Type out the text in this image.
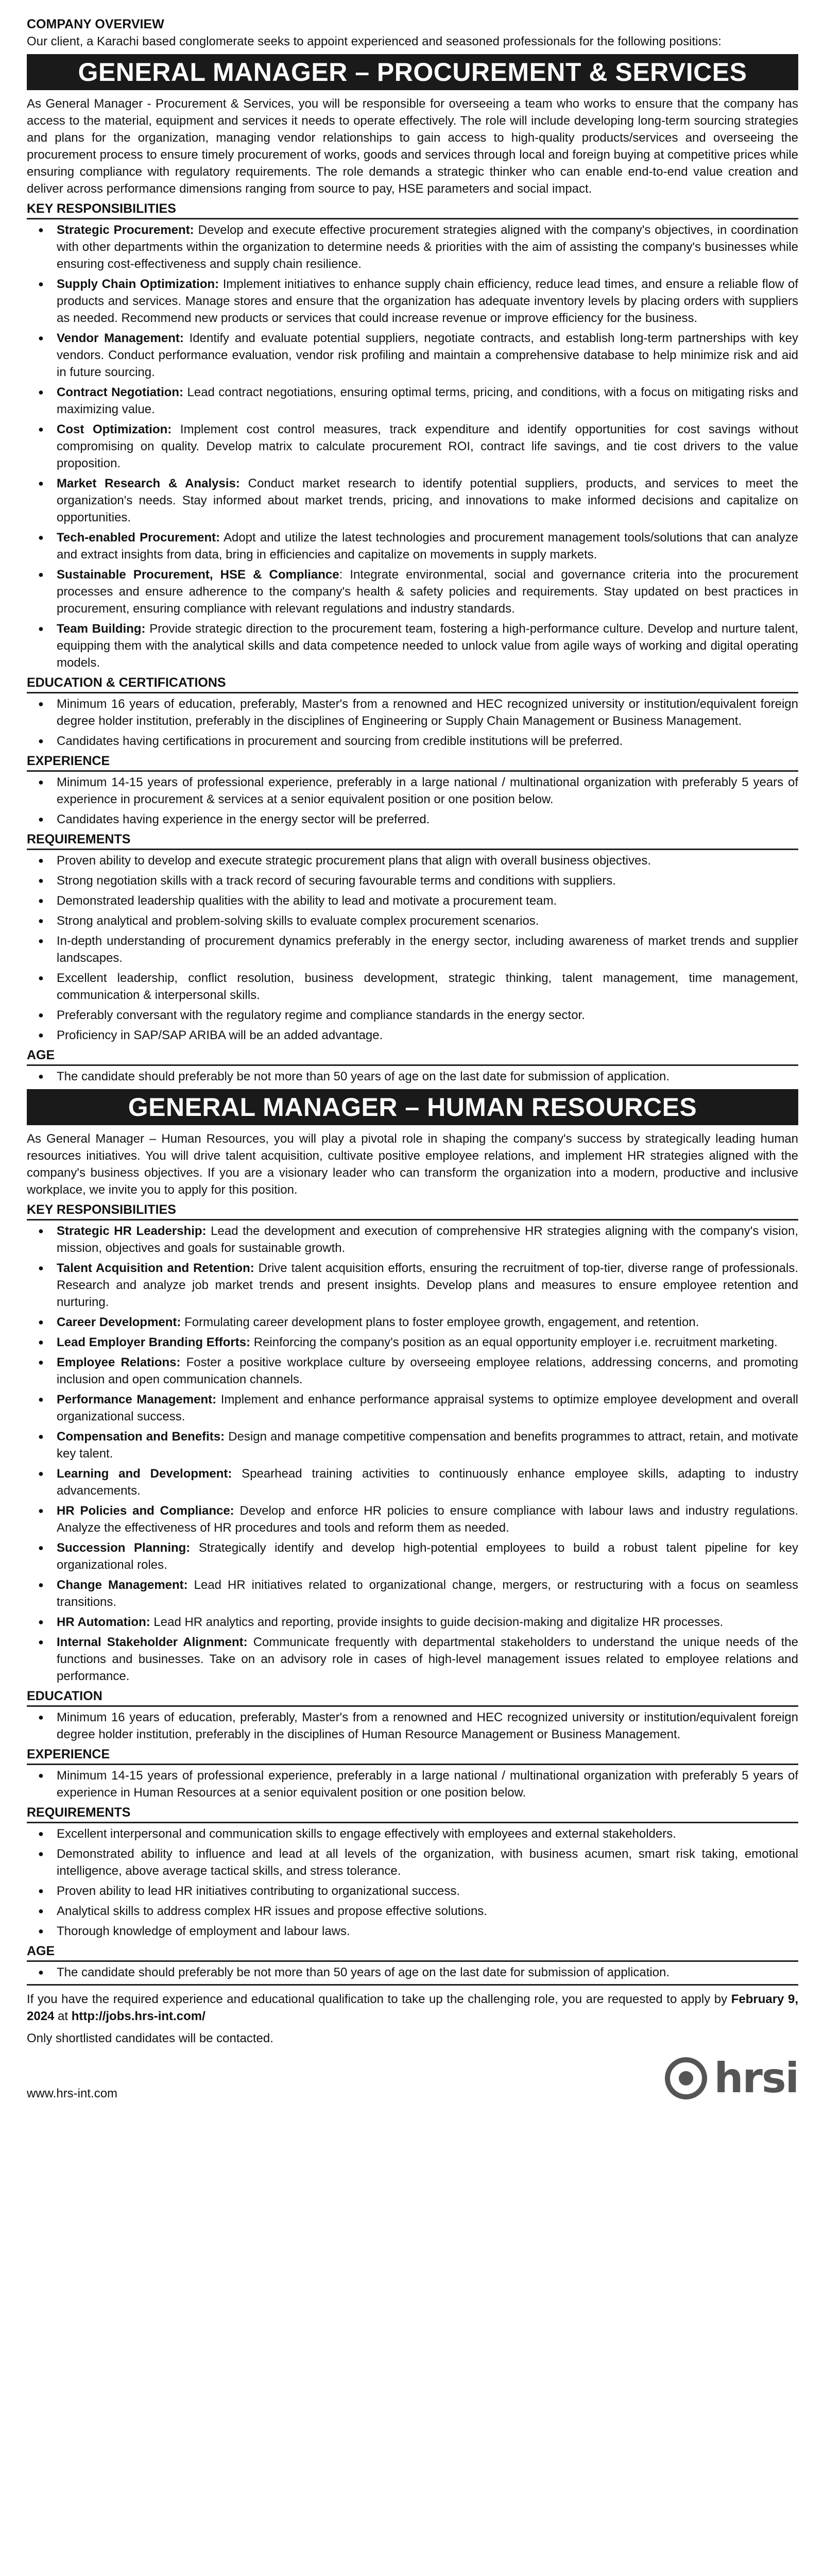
COMPANY OVERVIEW

Our client, a Karachi based conglomerate seeks to appoint experienced and seasoned professionals for the following positions:

GENERAL MANAGER – PROCUREMENT & SERVICES

As General Manager - Procurement & Services, you will be responsible for overseeing a team who works to ensure that the company has access to the material, equipment and services it needs to operate effectively. The role will include developing long-term sourcing strategies and plans for the organization, managing vendor relationships to gain access to high-quality products/services and overseeing the procurement process to ensure timely procurement of works, goods and services through local and foreign buying at competitive prices while ensuring compliance with regulatory requirements. The role demands a strategic thinker who can enable end-to-end value creation and deliver across performance dimensions ranging from source to pay, HSE parameters and social impact.

KEY RESPONSIBILITIES
● Strategic Procurement: Develop and execute effective procurement strategies aligned with the company's objectives, in coordination with other departments within the organization to determine needs & priorities with the aim of assisting the company's businesses while ensuring cost-effectiveness and supply chain resilience.
● Supply Chain Optimization: Implement initiatives to enhance supply chain efficiency, reduce lead times, and ensure a reliable flow of products and services. Manage stores and ensure that the organization has adequate inventory levels by placing orders with suppliers as needed. Recommend new products or services that could increase revenue or improve efficiency for the business.
● Vendor Management: Identify and evaluate potential suppliers, negotiate contracts, and establish long-term partnerships with key vendors. Conduct performance evaluation, vendor risk profiling and maintain a comprehensive database to help minimize risk and aid in future sourcing.
● Contract Negotiation: Lead contract negotiations, ensuring optimal terms, pricing, and conditions, with a focus on mitigating risks and maximizing value.
● Cost Optimization: Implement cost control measures, track expenditure and identify opportunities for cost savings without compromising on quality. Develop matrix to calculate procurement ROI, contract life savings, and tie cost drivers to the value proposition.
● Market Research & Analysis: Conduct market research to identify potential suppliers, products, and services to meet the organization's needs. Stay informed about market trends, pricing, and innovations to make informed decisions and capitalize on opportunities.
● Tech-enabled Procurement: Adopt and utilize the latest technologies and procurement management tools/solutions that can analyze and extract insights from data, bring in efficiencies and capitalize on movements in supply markets.
● Sustainable Procurement, HSE & Compliance: Integrate environmental, social and governance criteria into the procurement processes and ensure adherence to the company's health & safety policies and requirements. Stay updated on best practices in procurement, ensuring compliance with relevant regulations and industry standards.
● Team Building: Provide strategic direction to the procurement team, fostering a high-performance culture. Develop and nurture talent, equipping them with the analytical skills and data competence needed to unlock value from agile ways of working and digital operating models.
EDUCATION & CERTIFICATIONS
● Minimum 16 years of education, preferably, Master's from a renowned and HEC recognized university or institution/equivalent foreign degree holder institution, preferably in the disciplines of Engineering or Supply Chain Management or Business Management.
● Candidates having certifications in procurement and sourcing from credible institutions will be preferred.
EXPERIENCE
● Minimum 14-15 years of professional experience, preferably in a large national / multinational organization with preferably 5 years of experience in procurement & services at a senior equivalent position or one position below.
● Candidates having experience in the energy sector will be preferred.
REQUIREMENTS
● Proven ability to develop and execute strategic procurement plans that align with overall business objectives.
● Strong negotiation skills with a track record of securing favourable terms and conditions with suppliers.
● Demonstrated leadership qualities with the ability to lead and motivate a procurement team.
● Strong analytical and problem-solving skills to evaluate complex procurement scenarios.
● In-depth understanding of procurement dynamics preferably in the energy sector, including awareness of market trends and supplier landscapes.
● Excellent leadership, conflict resolution, business development, strategic thinking, talent management, time management, communication & interpersonal skills.
● Preferably conversant with the regulatory regime and compliance standards in the energy sector.
● Proficiency in SAP/SAP ARIBA will be an added advantage.
AGE
● The candidate should preferably be not more than 50 years of age on the last date for submission of application.
GENERAL MANAGER – HUMAN RESOURCES

As General Manager – Human Resources, you will play a pivotal role in shaping the company's success by strategically leading human resources initiatives. You will drive talent acquisition, cultivate positive employee relations, and implement HR strategies aligned with the company's business objectives. If you are a visionary leader who can transform the organization into a modern, productive and inclusive workplace, we invite you to apply for this position.

KEY RESPONSIBILITIES
● Strategic HR Leadership: Lead the development and execution of comprehensive HR strategies aligning with the company's vision, mission, objectives and goals for sustainable growth.
● Talent Acquisition and Retention: Drive talent acquisition efforts, ensuring the recruitment of top-tier, diverse range of professionals. Research and analyze job market trends and present insights. Develop plans and measures to ensure employee retention and nurturing.
● Career Development: Formulating career development plans to foster employee growth, engagement, and retention.
● Lead Employer Branding Efforts: Reinforcing the company's position as an equal opportunity employer i.e. recruitment marketing.
● Employee Relations: Foster a positive workplace culture by overseeing employee relations, addressing concerns, and promoting inclusion and open communication channels.
● Performance Management: Implement and enhance performance appraisal systems to optimize employee development and overall organizational success.
● Compensation and Benefits: Design and manage competitive compensation and benefits programmes to attract, retain, and motivate key talent.
● Learning and Development: Spearhead training activities to continuously enhance employee skills, adapting to industry advancements.
● HR Policies and Compliance: Develop and enforce HR policies to ensure compliance with labour laws and industry regulations. Analyze the effectiveness of HR procedures and tools and reform them as needed.
● Succession Planning: Strategically identify and develop high-potential employees to build a robust talent pipeline for key organizational roles.
● Change Management: Lead HR initiatives related to organizational change, mergers, or restructuring with a focus on seamless transitions.
● HR Automation: Lead HR analytics and reporting, provide insights to guide decision-making and digitalize HR processes.
● Internal Stakeholder Alignment: Communicate frequently with departmental stakeholders to understand the unique needs of the functions and businesses. Take on an advisory role in cases of high-level management issues related to employee relations and performance.
EDUCATION
● Minimum 16 years of education, preferably, Master's from a renowned and HEC recognized university or institution/equivalent foreign degree holder institution, preferably in the disciplines of Human Resource Management or Business Management.
EXPERIENCE
● Minimum 14-15 years of professional experience, preferably in a large national / multinational organization with preferably 5 years of experience in Human Resources at a senior equivalent position or one position below.
REQUIREMENTS
● Excellent interpersonal and communication skills to engage effectively with employees and external stakeholders.
● Demonstrated ability to influence and lead at all levels of the organization, with business acumen, smart risk taking, emotional intelligence, above average tactical skills, and stress tolerance.
● Proven ability to lead HR initiatives contributing to organizational success.
● Analytical skills to address complex HR issues and propose effective solutions.
● Thorough knowledge of employment and labour laws.
AGE
● The candidate should preferably be not more than 50 years of age on the last date for submission of application.

If you have the required experience and educational qualification to take up the challenging role, you are requested to apply by February 9, 2024 at http://jobs.hrs-int.com/

Only shortlisted candidates will be contacted.

www.hrs-int.com	hrsi
